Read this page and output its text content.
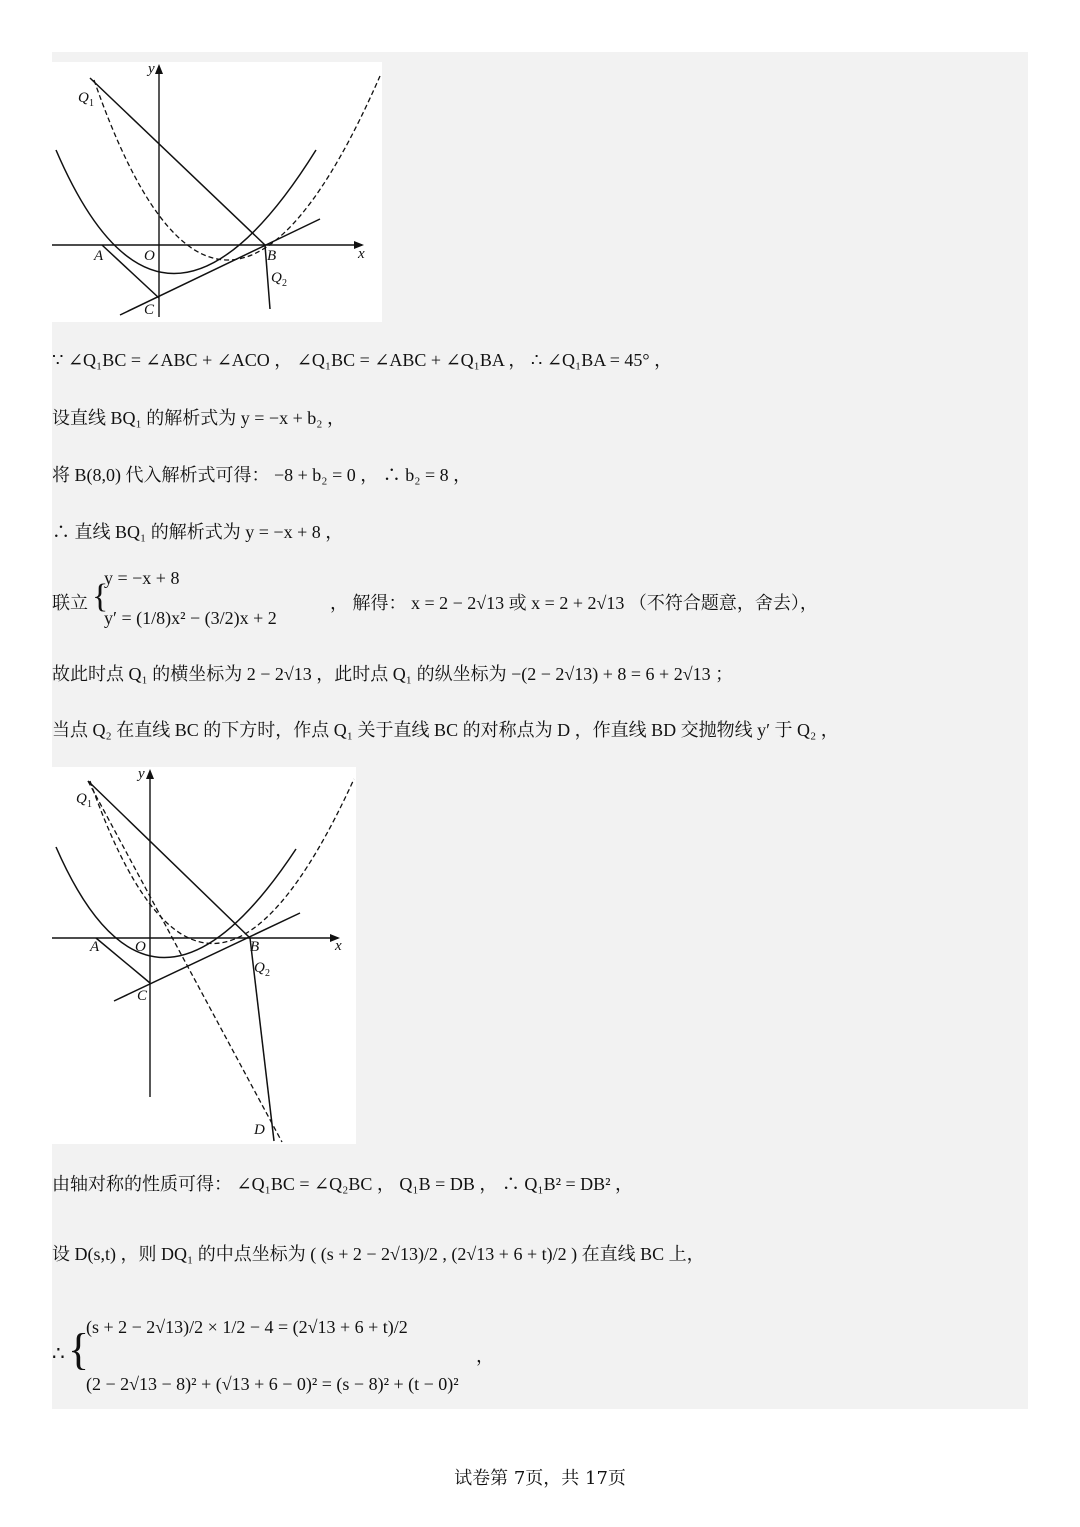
y
x
Q 1
A	O	B
Q 2
C
∵ ∠Q₁BC = ∠ABC + ∠ACO ， ∠Q₁BC = ∠ABC + ∠Q₁BA ， ∴ ∠Q₁BA = 45° ，
设直线 BQ₁ 的解析式为 y = −x + b₂ ，
将 B(8,0) 代入解析式可得： −8 + b₂ = 0 ， ∴ b₂ = 8 ，
∴ 直线 BQ₁ 的解析式为 y = −x + 8 ，
联立 {
y = −x + 8
y′ = (1/8)x² − (3/2)x + 2
， 解得： x = 2 − 2√13 或 x = 2 + 2√13 （不符合题意，舍去），
故此时点 Q₁ 的横坐标为 2 − 2√13 ，此时点 Q₁ 的纵坐标为 −(2 − 2√13) + 8 = 6 + 2√13 ；
当点 Q₂ 在直线 BC 的下方时，作点 Q₁ 关于直线 BC 的对称点为 D ，作直线 BD 交抛物线 y′ 于 Q₂ ，
y
x
Q 1
A O	B
Q 2
C
D
由轴对称的性质可得： ∠Q₁BC = ∠Q₂BC ， Q₁B = DB ， ∴ Q₁B² = DB² ，
设 D(s,t) ，则 DQ₁ 的中点坐标为 ( (s + 2 − 2√13)/2 , (2√13 + 6 + t)/2 ) 在直线 BC 上，
∴ {
(s + 2 − 2√13)/2 × 1/2 − 4 = (2√13 + 6 + t)/2
(2 − 2√13 − 8)² + (√13 + 6 − 0)² = (s − 8)² + (t − 0)²
，
试卷第 7页，共 17页
